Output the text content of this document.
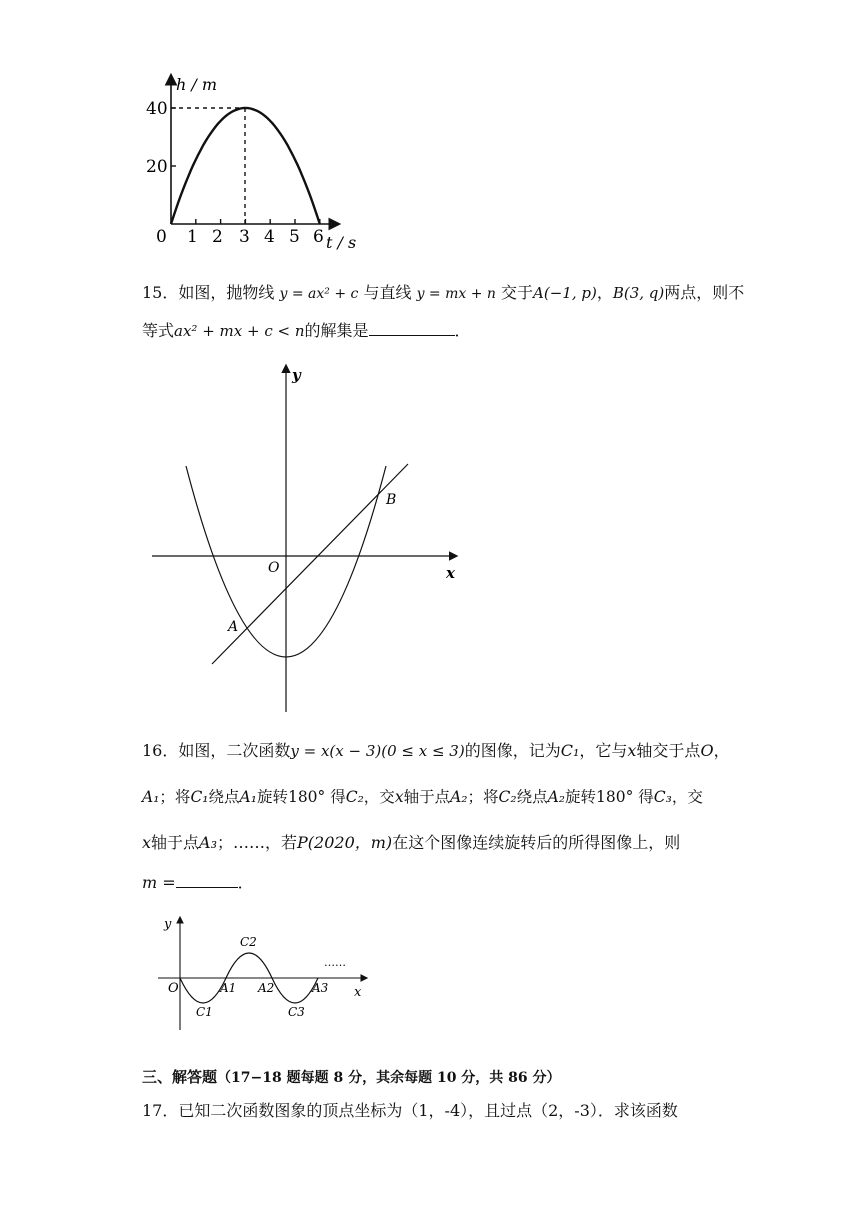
40
20
h / m
0 1 2 3 4 5 6 t / s
15．如图，抛物线 y = ax² + c 与直线 y = mx + n 交于A(−1, p)，B(3, q)两点，则不
等式ax² + mx + c < n的解集是	．
y
x
O
A
B
16．如图，二次函数y = x(x − 3)(0 ≤ x ≤ 3)的图像，记为C₁，它与x轴交于点O，
A₁；将C₁绕点A₁旋转180° 得C₂，交x轴于点A₂；将C₂绕点A₂旋转180° 得C₃，交
x轴于点A₃；……，若P(2020，m)在这个图像连续旋转后的所得图像上，则
m =	．
y
x
O	A1 A2	A3
C1
C2
C3
……
三、解答题（17−18 题每题 8 分，其余每题 10 分，共 86 分）
17．已知二次函数图象的顶点坐标为（1，-4），且过点（2，-3）．求该函数
